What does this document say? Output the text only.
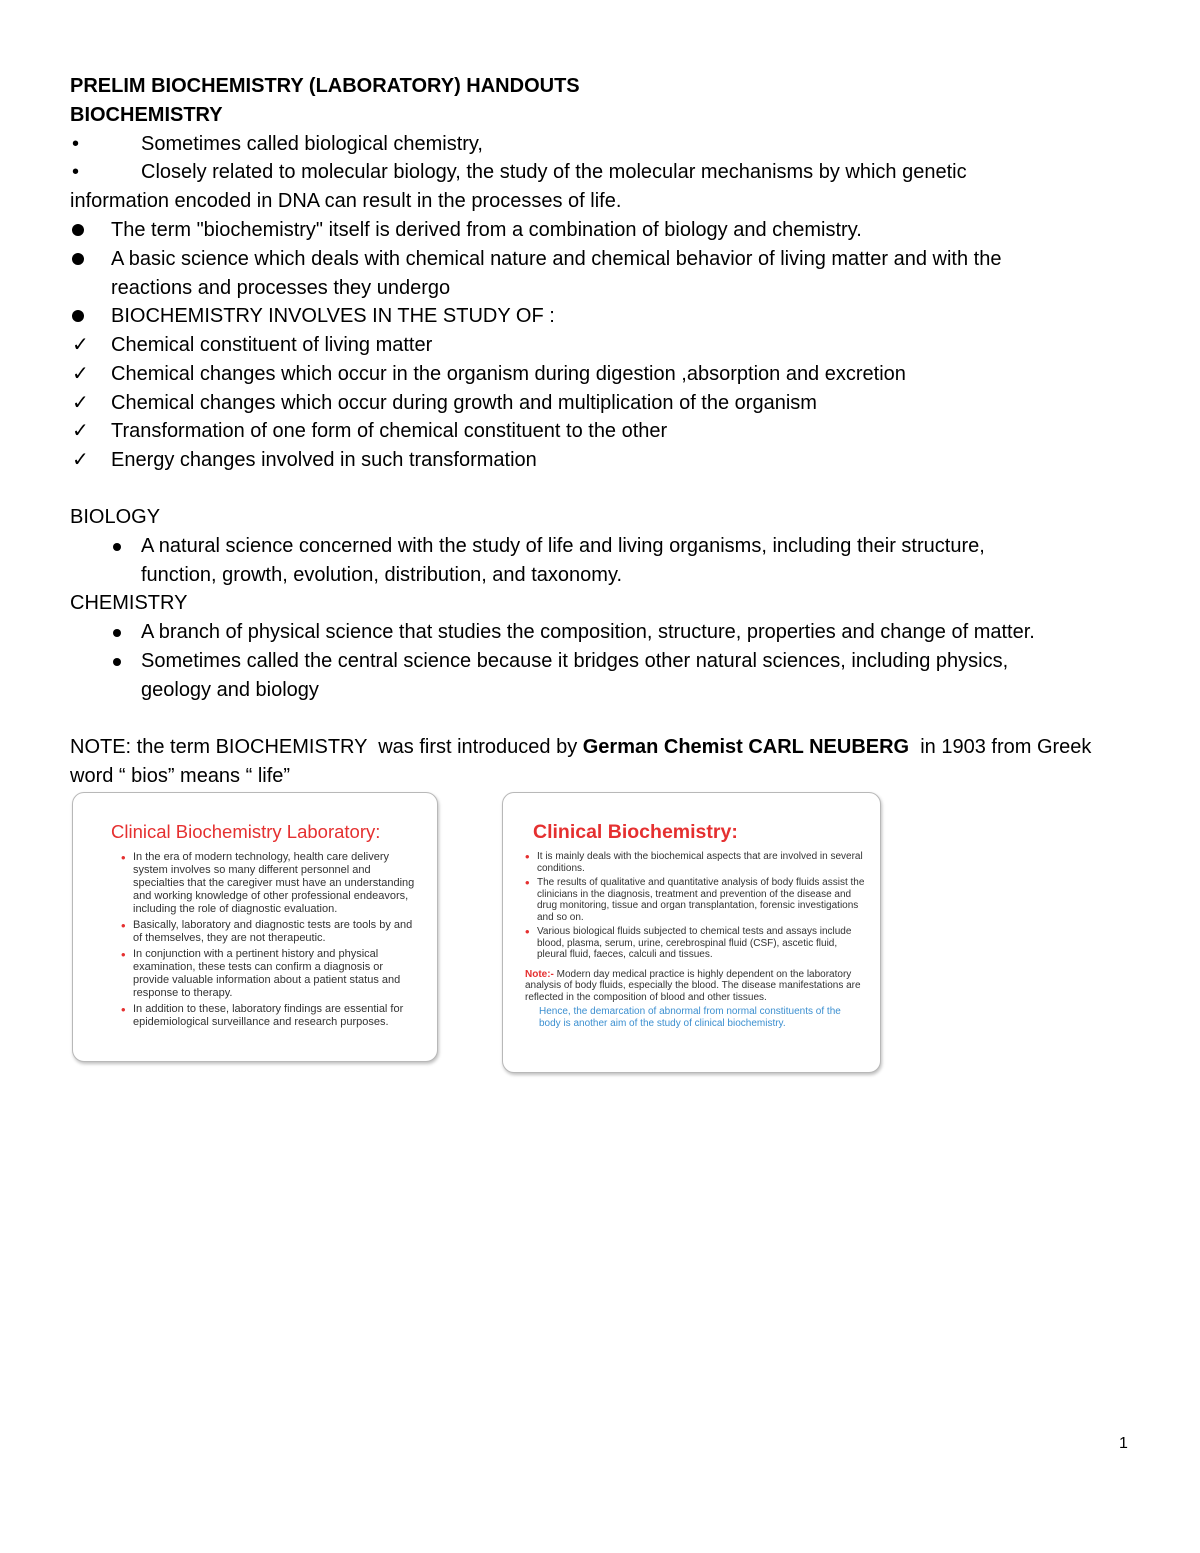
PRELIM BIOCHEMISTRY (LABORATORY) HANDOUTS
BIOCHEMISTRY
•	Sometimes called biological chemistry,
•	Closely related to molecular biology, the study of the molecular mechanisms by which genetic
information encoded in DNA can result in the processes of life.
The term "biochemistry" itself is derived from a combination of biology and chemistry.
A basic science which deals with chemical nature and chemical behavior of living matter and with the
reactions and processes they undergo
BIOCHEMISTRY INVOLVES IN THE STUDY OF :
✓ Chemical constituent of living matter
✓ Chemical changes which occur in the organism during digestion ,absorption and excretion
✓ Chemical changes which occur during growth and multiplication of the organism
✓ Transformation of one form of chemical constituent to the other
✓ Energy changes involved in such transformation
BIOLOGY
A natural science concerned with the study of life and living organisms, including their structure,
function, growth, evolution, distribution, and taxonomy.
CHEMISTRY
A branch of physical science that studies the composition, structure, properties and change of matter.
Sometimes called the central science because it bridges other natural sciences, including physics,
geology and biology
NOTE: the term BIOCHEMISTRY  was first introduced by German Chemist CARL NEUBERG  in 1903 from Greek
word “ bios” means “ life”
Clinical Biochemistry Laboratory:
• In the era of modern technology, health care delivery system involves so many different personnel and specialties that the caregiver must have an understanding and working knowledge of other professional endeavors, including the role of diagnostic evaluation.
• Basically, laboratory and diagnostic tests are tools by and of themselves, they are not therapeutic.
• In conjunction with a pertinent history and physical examination, these tests can confirm a diagnosis or provide valuable information about a patient status and response to therapy.
• In addition to these, laboratory findings are essential for epidemiological surveillance and research purposes.
Clinical Biochemistry:
• It is mainly deals with the biochemical aspects that are involved in several conditions.
• The results of qualitative and quantitative analysis of body fluids assist the clinicians in the diagnosis, treatment and prevention of the disease and drug monitoring, tissue and organ transplantation, forensic investigations and so on.
• Various biological fluids subjected to chemical tests and assays include blood, plasma, serum, urine, cerebrospinal fluid (CSF), ascetic fluid, pleural fluid, faeces, calculi and tissues.
Note:- Modern day medical practice is highly dependent on the laboratory analysis of body fluids, especially the blood. The disease manifestations are reflected in the composition of blood and other tissues.
Hence, the demarcation of abnormal from normal constituents of the body is another aim of the study of clinical biochemistry.
1
